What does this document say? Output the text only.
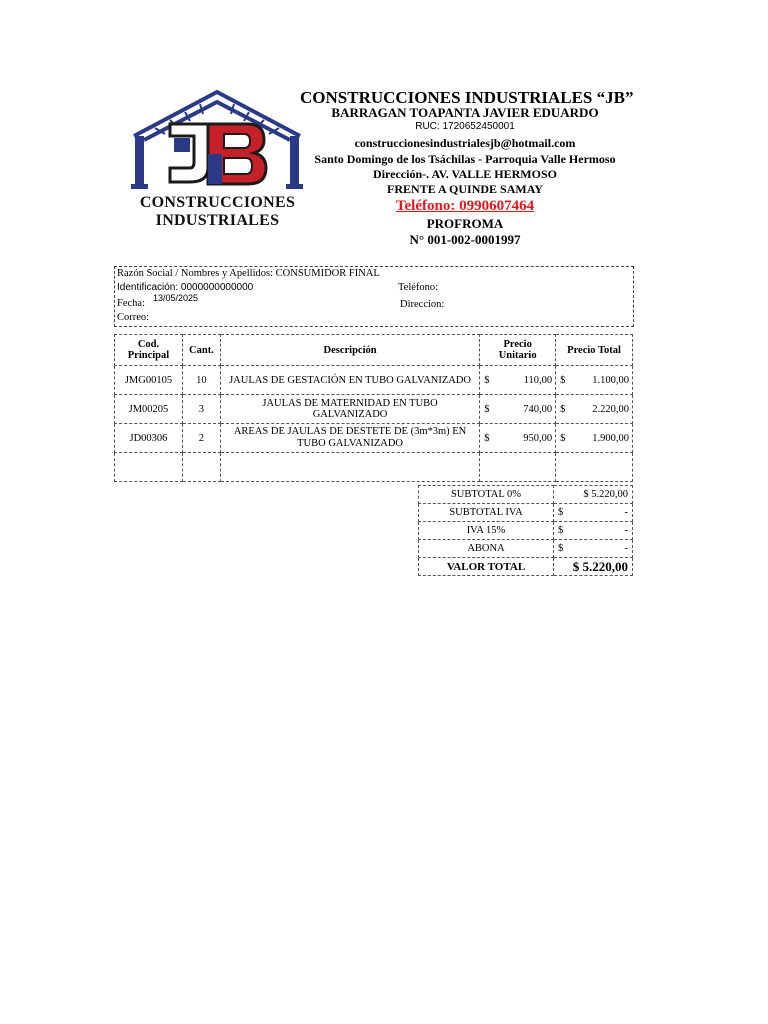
CONSTRUCCIONES
INDUSTRIALES
CONSTRUCCIONES INDUSTRIALES “JB”
BARRAGAN TOAPANTA JAVIER EDUARDO
RUC: 1720652450001
construccionesindustrialesjb@hotmail.com
Santo Domingo de los Tsáchilas - Parroquia Valle Hermoso
Dirección-. AV. VALLE HERMOSO
FRENTE A QUINDE SAMAY
Teléfono: 0990607464
PROFROMA
N° 001-002-0001997
Razón Social / Nombres y Apellidos: CONSUMIDOR FINAL
Identificación: 0000000000000	Teléfono:
Fecha: 13/05/2025
Direccion:
Correo:
Cod. Principal	Cant.	Descripción	Precio Unitario	Precio Total
JMG00105	10	JAULAS DE GESTACIÓN EN TUBO GALVANIZADO	$ 110,00	$ 1.100,00

JM00205	3	JAULAS DE MATERNIDAD EN TUBO GALVANIZADO	$ 740,00	$ 2.220,00

JD00306	2	AREAS DE JAULAS DE DESTETE DE (3m*3m) EN TUBO GALVANIZADO	$ 950,00	$ 1.900,00

SUBTOTAL 0%	$ 5.220,00
SUBTOTAL IVA	$ -

IVA 15%	$ -

ABONA	$ -

VALOR TOTAL	$ 5.220,00
